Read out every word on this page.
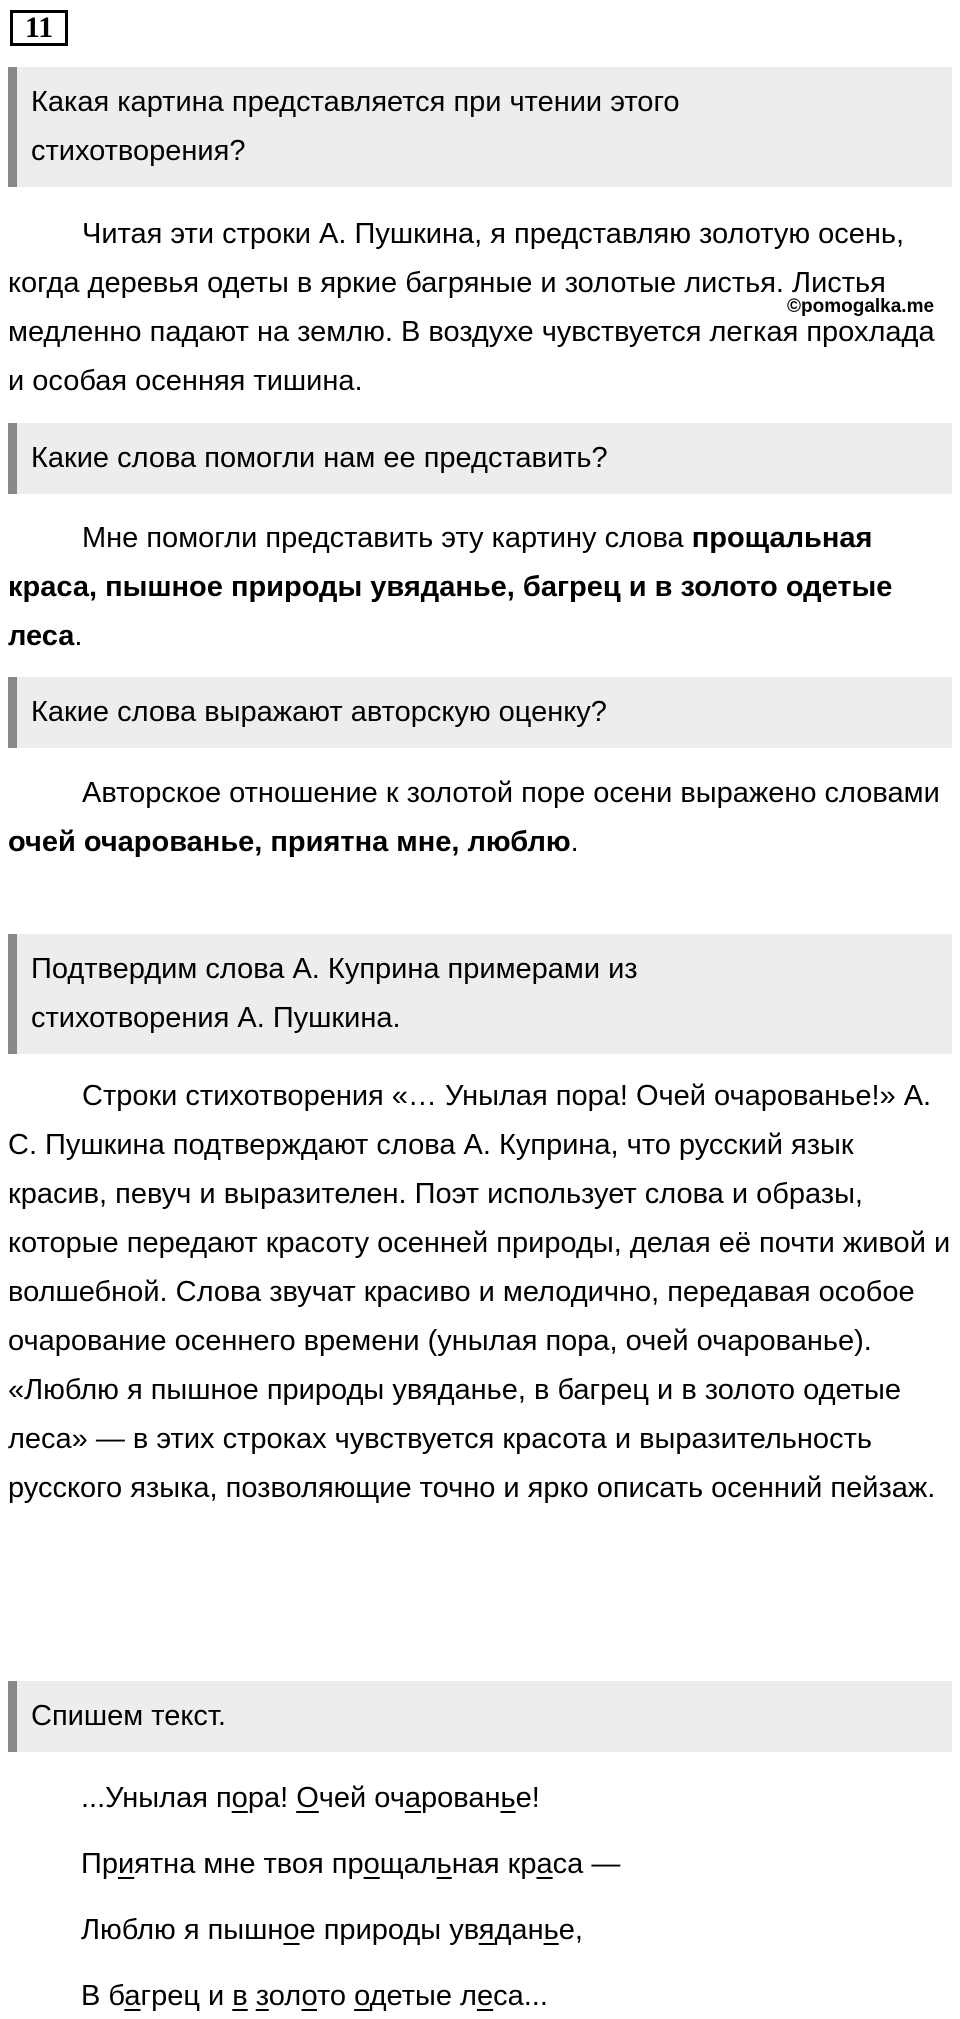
11
Какая картина представляется при чтении этого
стихотворения?

Читая эти строки А. Пушкина, я представляю золотую осень, когда деревья одеты в яркие багряные и золотые листья. Листья медленно падают на землю. В воздухе чувствуется легкая прохлада и особая осенняя тишина.

©pomogalka.me
Какие слова помогли нам ее представить?

Мне помогли представить эту картину слова прощальная краса, пышное природы увяданье, багрец и в золото одетые леса.

Какие слова выражают авторскую оценку?

Авторское отношение к золотой поре осени выражено словами очей очарованье, приятна мне, люблю.

Подтвердим слова А. Куприна примерами из
стихотворения А. Пушкина.

Строки стихотворения «… Унылая пора! Очей очарованье!» А. С. Пушкина подтверждают слова А. Куприна, что русский язык красив, певуч и выразителен. Поэт использует слова и образы, которые передают красоту осенней природы, делая её почти живой и волшебной. Слова звучат красиво и мелодично, передавая особое очарование осеннего времени (унылая пора, очей очарованье). «Люблю я пышное природы увяданье, в багрец и в золото одетые леса» — в этих строках чувствуется красота и выразительность русского языка, позволяющие точно и ярко описать осенний пейзаж.

Спишем текст.
...Унылая пора! Очей очарованье!
Приятна мне твоя прощальная краса —
Люблю я пышное природы увяданье,
В багрец и в золото одетые леса...
